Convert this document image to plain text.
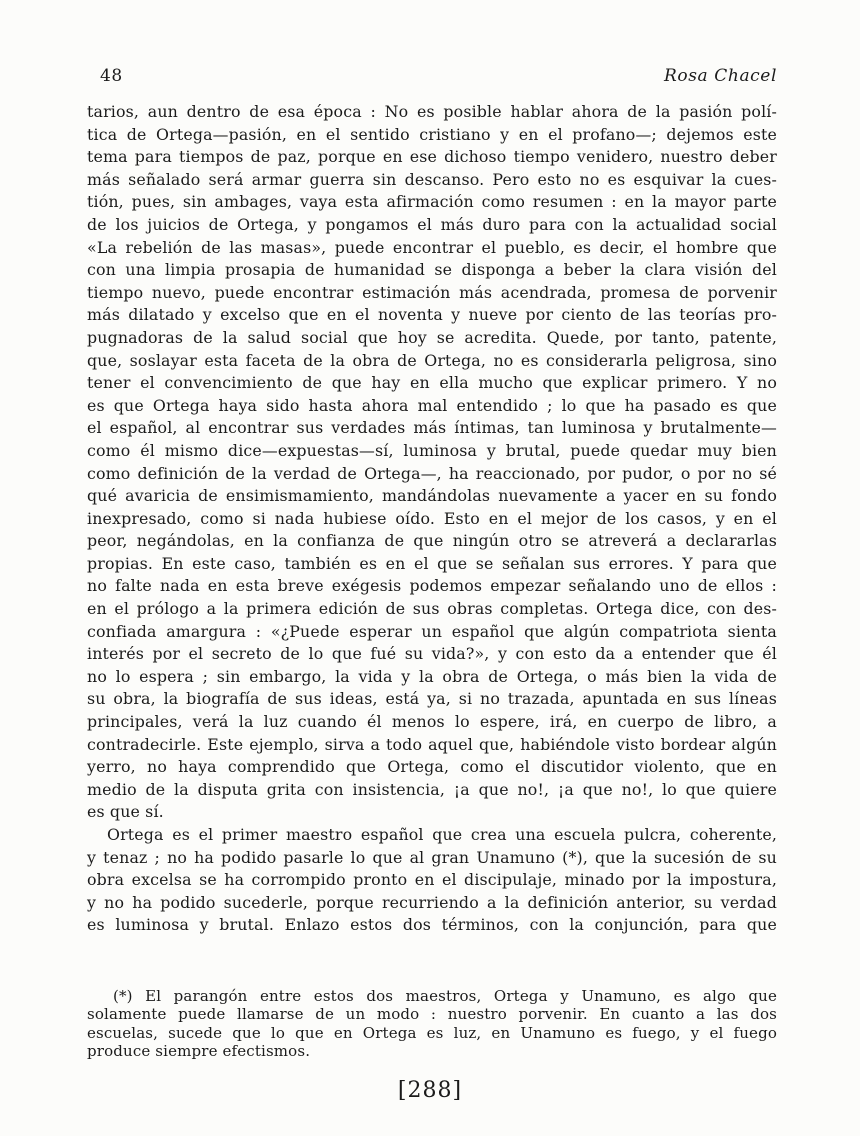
48	Rosa Chacel
tarios, aun dentro de esa época : No es posible hablar ahora de la pasión polí-
tica de Ortega—pasión, en el sentido cristiano y en el profano—; dejemos este
tema para tiempos de paz, porque en ese dichoso tiempo venidero, nuestro deber
más señalado será armar guerra sin descanso. Pero esto no es esquivar la cues-
tión, pues, sin ambages, vaya esta afirmación como resumen : en la mayor parte
de los juicios de Ortega, y pongamos el más duro para con la actualidad social
«La rebelión de las masas», puede encontrar el pueblo, es decir, el hombre que
con una limpia prosapia de humanidad se disponga a beber la clara visión del
tiempo nuevo, puede encontrar estimación más acendrada, promesa de porvenir
más dilatado y excelso que en el noventa y nueve por ciento de las teorías pro-
pugnadoras de la salud social que hoy se acredita. Quede, por tanto, patente,
que, soslayar esta faceta de la obra de Ortega, no es considerarla peligrosa, sino
tener el convencimiento de que hay en ella mucho que explicar primero. Y no
es que Ortega haya sido hasta ahora mal entendido ; lo que ha pasado es que
el español, al encontrar sus verdades más íntimas, tan luminosa y brutalmente—
como él mismo dice—expuestas—sí, luminosa y brutal, puede quedar muy bien
como definición de la verdad de Ortega—, ha reaccionado, por pudor, o por no sé
qué avaricia de ensimismamiento, mandándolas nuevamente a yacer en su fondo
inexpresado, como si nada hubiese oído. Esto en el mejor de los casos, y en el
peor, negándolas, en la confianza de que ningún otro se atreverá a declararlas
propias. En este caso, también es en el que se señalan sus errores. Y para que
no falte nada en esta breve exégesis podemos empezar señalando uno de ellos :
en el prólogo a la primera edición de sus obras completas. Ortega dice, con des-
confiada amargura : «¿Puede esperar un español que algún compatriota sienta
interés por el secreto de lo que fué su vida?», y con esto da a entender que él
no lo espera ; sin embargo, la vida y la obra de Ortega, o más bien la vida de
su obra, la biografía de sus ideas, está ya, si no trazada, apuntada en sus líneas
principales, verá la luz cuando él menos lo espere, irá, en cuerpo de libro, a
contradecirle. Este ejemplo, sirva a todo aquel que, habiéndole visto bordear algún
yerro, no haya comprendido que Ortega, como el discutidor violento, que en
medio de la disputa grita con insistencia, ¡a que no!, ¡a que no!, lo que quiere
es que sí.
Ortega es el primer maestro español que crea una escuela pulcra, coherente,
y tenaz ; no ha podido pasarle lo que al gran Unamuno (*), que la sucesión de su
obra excelsa se ha corrompido pronto en el discipulaje, minado por la impostura,
y no ha podido sucederle, porque recurriendo a la definición anterior, su verdad
es luminosa y brutal. Enlazo estos dos términos, con la conjunción, para que
(*) El parangón entre estos dos maestros, Ortega y Unamuno, es algo que
solamente puede llamarse de un modo : nuestro porvenir. En cuanto a las dos
escuelas, sucede que lo que en Ortega es luz, en Unamuno es fuego, y el fuego
produce siempre efectismos.
[288]
